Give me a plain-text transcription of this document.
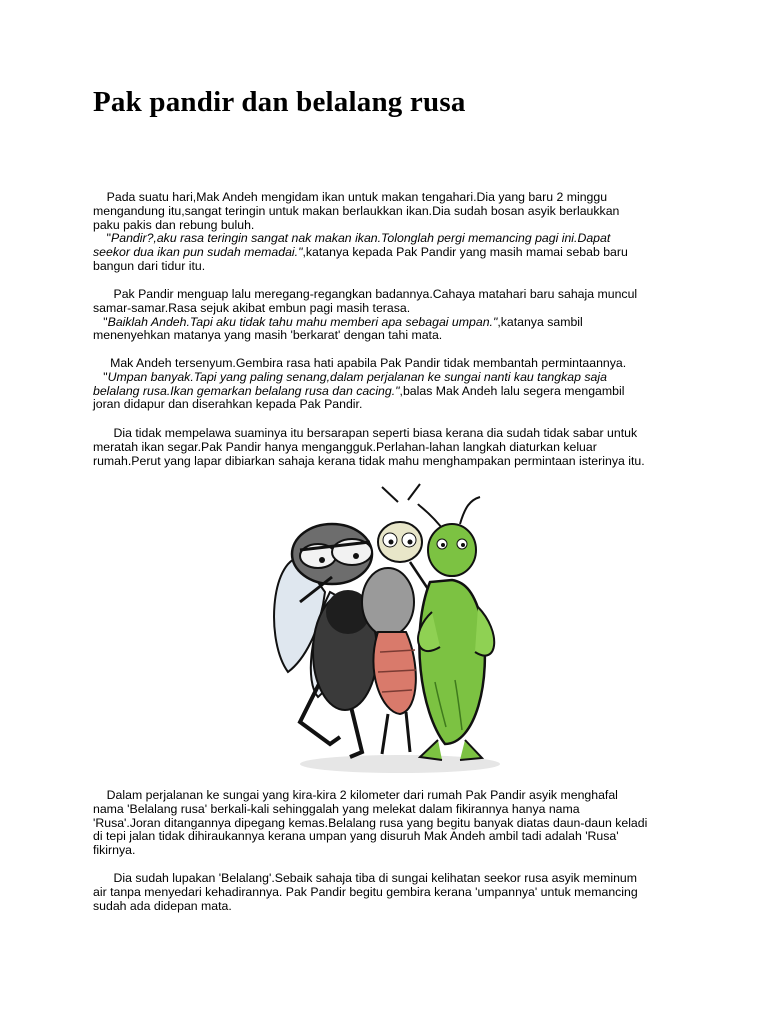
Pak pandir dan belalang rusa
Pada suatu hari,Mak Andeh mengidam ikan untuk makan tengahari.Dia yang baru 2 minggu
mengandung itu,sangat teringin untuk makan berlaukkan ikan.Dia sudah bosan asyik berlaukkan
paku pakis dan rebung buluh.
"Pandir?,aku rasa teringin sangat nak makan ikan.Tolonglah pergi memancing pagi ini.Dapat
seekor dua ikan pun sudah memadai.",katanya kepada Pak Pandir yang masih mamai sebab baru
bangun dari tidur itu.
Pak Pandir menguap lalu meregang-regangkan badannya.Cahaya matahari baru sahaja muncul
samar-samar.Rasa sejuk akibat embun pagi masih terasa.
"Baiklah Andeh.Tapi aku tidak tahu mahu memberi apa sebagai umpan.",katanya sambil
menenyehkan matanya yang masih 'berkarat' dengan tahi mata.
Mak Andeh tersenyum.Gembira rasa hati apabila Pak Pandir tidak membantah permintaannya.
"Umpan banyak.Tapi yang paling senang,dalam perjalanan ke sungai nanti kau tangkap saja
belalang rusa.Ikan gemarkan belalang rusa dan cacing.",balas Mak Andeh lalu segera mengambil
joran didapur dan diserahkan kepada Pak Pandir.
Dia tidak mempelawa suaminya itu bersarapan seperti biasa kerana dia sudah tidak sabar untuk
meratah ikan segar.Pak Pandir hanya mengangguk.Perlahan-lahan langkah diaturkan keluar
rumah.Perut yang lapar dibiarkan sahaja kerana tidak mahu menghampakan permintaan isterinya itu.
Dalam perjalanan ke sungai yang kira-kira 2 kilometer dari rumah Pak Pandir asyik menghafal
nama 'Belalang rusa' berkali-kali sehinggalah yang melekat dalam fikirannya hanya nama
'Rusa'.Joran ditangannya dipegang kemas.Belalang rusa yang begitu banyak diatas daun-daun keladi
di tepi jalan tidak dihiraukannya kerana umpan yang disuruh Mak Andeh ambil tadi adalah 'Rusa'
fikirnya.
Dia sudah lupakan 'Belalang'.Sebaik sahaja tiba di sungai kelihatan seekor rusa asyik meminum
air tanpa menyedari kehadirannya. Pak Pandir begitu gembira kerana 'umpannya' untuk memancing
sudah ada didepan mata.
